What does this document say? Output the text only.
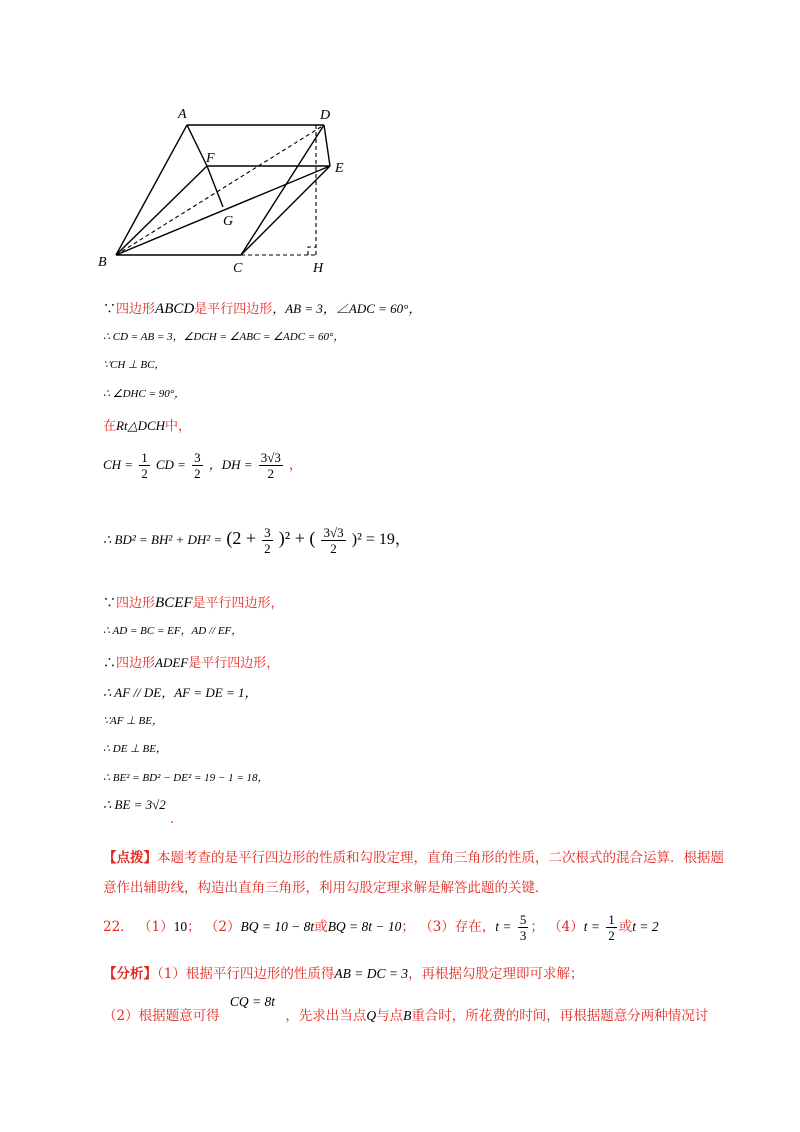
A	D
F
E
G
B	C	H
∵四边形ABCD是平行四边形，AB = 3，∠ADC = 60°，
∴ CD = AB = 3，∠DCH = ∠ABC = ∠ADC = 60°，
∵CH ⊥ BC，
∴ ∠DHC = 90°，
在Rt△DCH中，
CH = $\frac{1}{2}$ CD = $\frac{3}{2}$ ，DH = $\frac{3√3}{2}$ ，
∴ $BD^2 = BH^2 + DH^2 = (2 + \frac{3}{2} )^2$ + ( $\frac{3√3}{2} )^2 = 19$，
∵四边形BCEF是平行四边形，
∴ AD = BC = EF，AD // EF，
∴四边形ADEF是平行四边形，
∴ AF // DE，AF = DE = 1，
∵AF ⊥ BE，
∴ DE ⊥ BE，
∴ BE² = BD² − DE² = 19 − 1 = 18，
∴ BE = 3√2 .
【点拨】本题考查的是平行四边形的性质和勾股定理，直角三角形的性质，二次根式的混合运算．根据题意作出辅助线，构造出直角三角形，利用勾股定理求解是解答此题的关键．
22． （1）10； （2）BQ = 10 − 8t或BQ = 8t − 10； （3）存在，$t = \frac{5}{3}$ ； $(4)t = \frac{1}{2}$ 或t = 2
【分析】（1）根据平行四边形的性质得AB = DC = 3，再根据勾股定理即可求解；
（2）根据题意可得 CQ = 8t ，先求出当点Q与点B重合时，所花费的时间，再根据题意分两种情况讨
